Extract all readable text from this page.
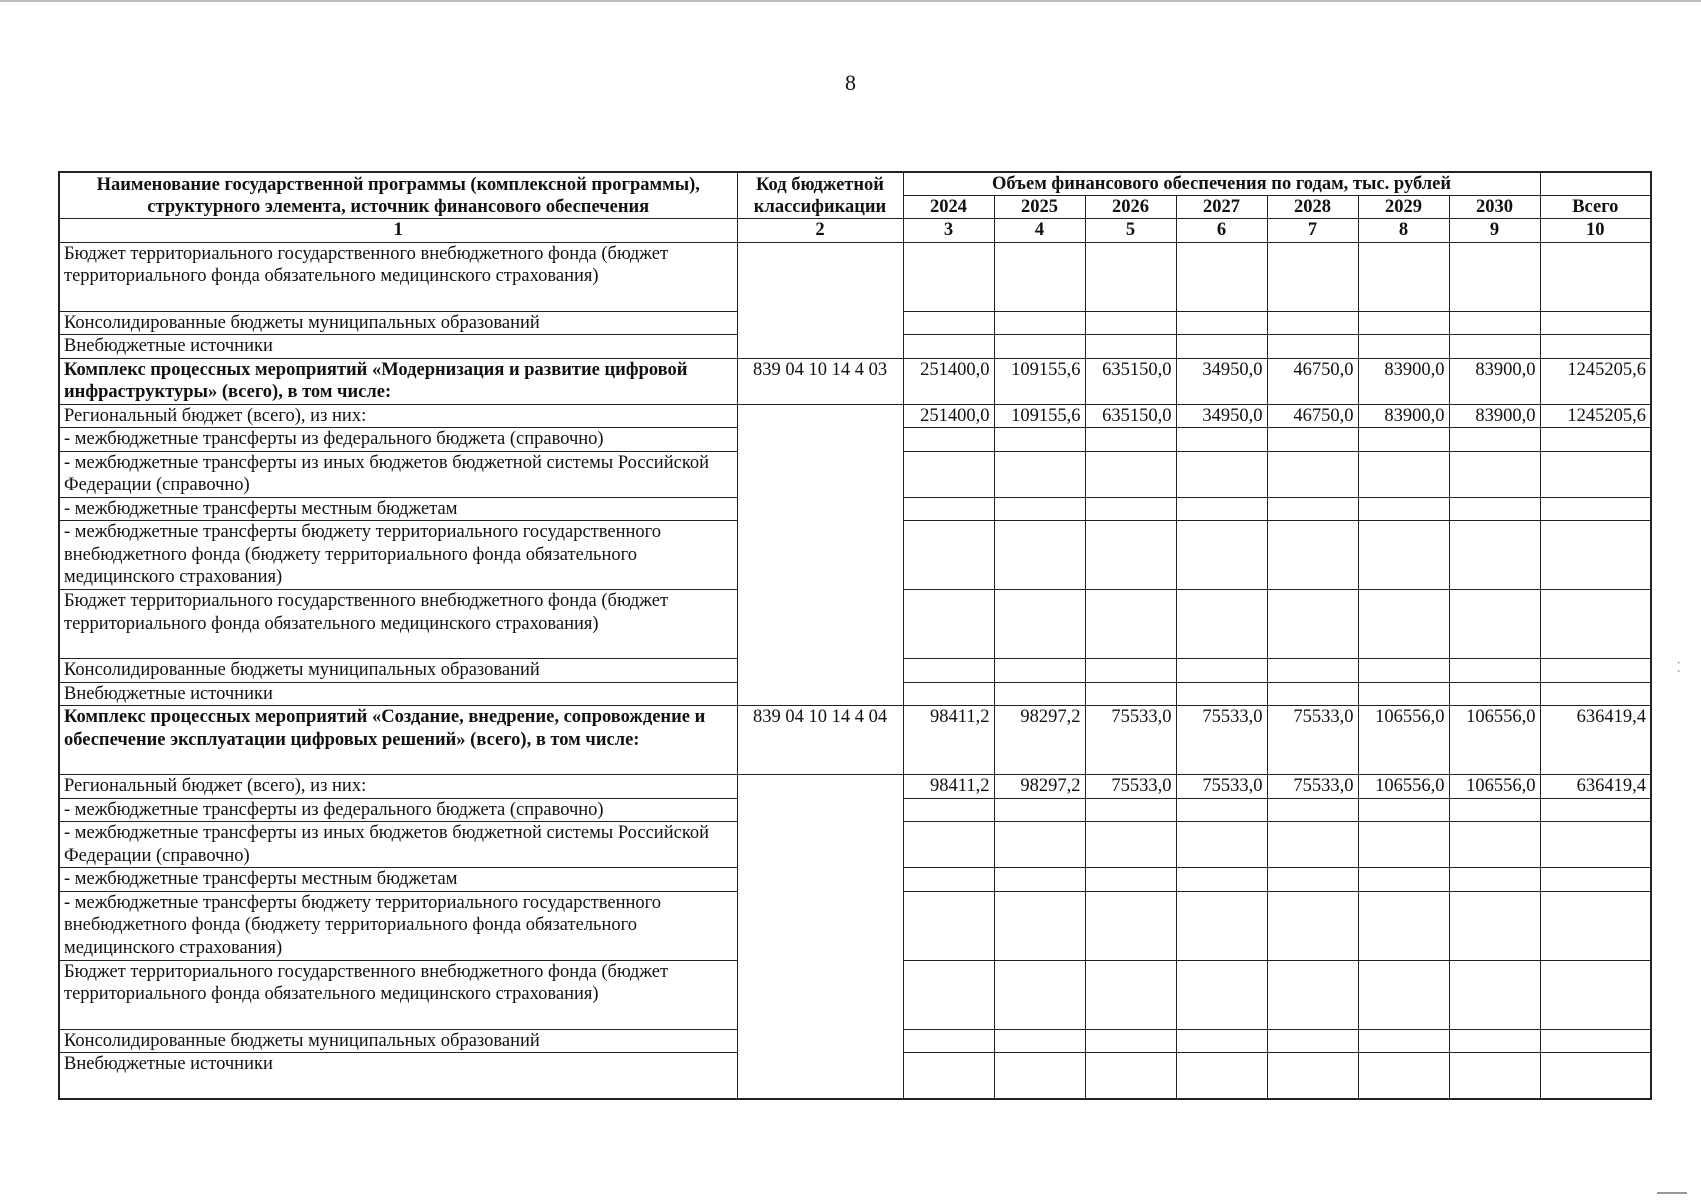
8
Наименование государственной программы (комплексной программы), структурного элемента, источник финансового обеспечения	Код бюджетной классификации	Объем финансового обеспечения по годам, тыс. рублей							
		2024	2025	2026	2027	2028	2029	2030	Всего
1	2	3	4	5	6	7	8	9	10
Бюджет территориального государственного внебюджетного фонда (бюджет территориального фонда обязательного медицинского страхования)									
Консолидированные бюджеты муниципальных образований									
Внебюджетные источники									
Комплекс процессных мероприятий «Модернизация и развитие цифровой инфраструктуры» (всего), в том числе:	839 04 10 14 4 03	251400,0	109155,6	635150,0	34950,0	46750,0	83900,0	83900,0	1245205,6
Региональный бюджет (всего), из них:		251400,0	109155,6	635150,0	34950,0	46750,0	83900,0	83900,0	1245205,6
- межбюджетные трансферты из федерального бюджета (справочно)									
- межбюджетные трансферты из иных бюджетов бюджетной системы Российской Федерации (справочно)									
- межбюджетные трансферты местным бюджетам									
- межбюджетные трансферты бюджету территориального государственного внебюджетного фонда (бюджету территориального фонда обязательного медицинского страхования)									
Бюджет территориального государственного внебюджетного фонда (бюджет территориального фонда обязательного медицинского страхования)									
Консолидированные бюджеты муниципальных образований									
Внебюджетные источники									
Комплекс процессных мероприятий «Создание, внедрение, сопровождение и обеспечение эксплуатации цифровых решений» (всего), в том числе:	839 04 10 14 4 04	98411,2	98297,2	75533,0	75533,0	75533,0	106556,0	106556,0	636419,4
Региональный бюджет (всего), из них:		98411,2	98297,2	75533,0	75533,0	75533,0	106556,0	106556,0	636419,4
- межбюджетные трансферты из федерального бюджета (справочно)									
- межбюджетные трансферты из иных бюджетов бюджетной системы Российской Федерации (справочно)									
- межбюджетные трансферты местным бюджетам									
- межбюджетные трансферты бюджету территориального государственного внебюджетного фонда (бюджету территориального фонда обязательного медицинского страхования)									
Бюджет территориального государственного внебюджетного фонда (бюджет территориального фонда обязательного медицинского страхования)									
Консолидированные бюджеты муниципальных образований									
Внебюджетные источники									
⁚
